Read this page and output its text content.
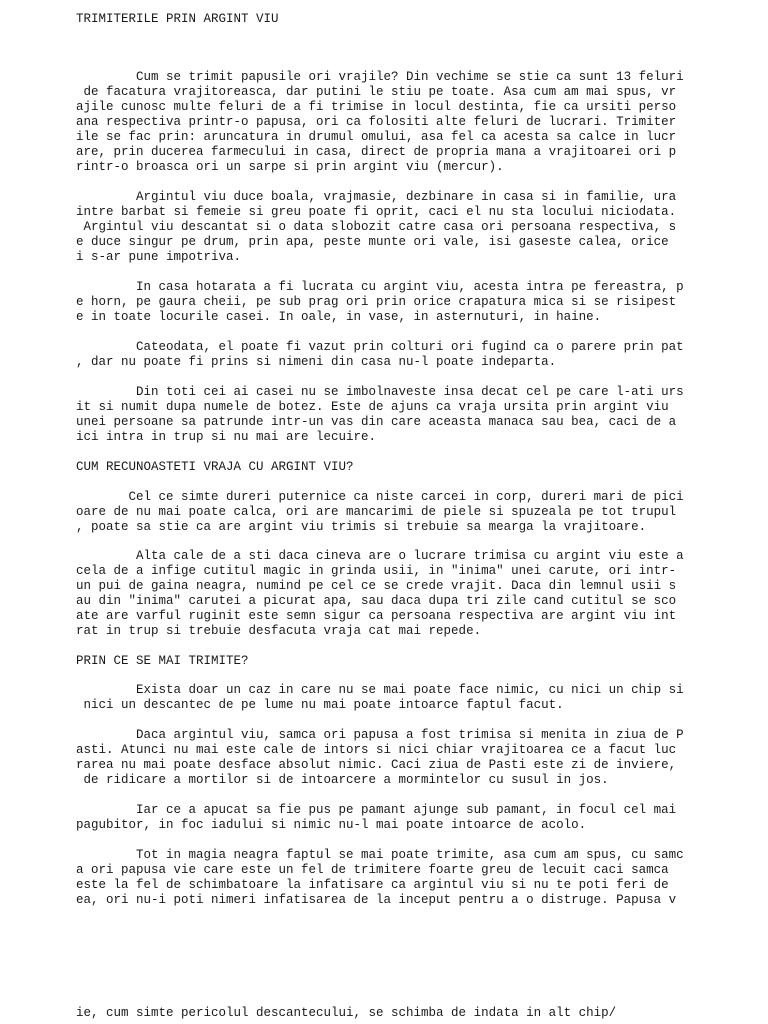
TRIMITERILE PRIN ARGINT VIU
Cum se trimit papusile ori vrajile? Din vechime se stie ca sunt 13 feluri
de facatura vrajitoreasca, dar putini le stiu pe toate. Asa cum am mai spus, vr
ajile cunosc multe feluri de a fi trimise in locul destinta, fie ca ursiti perso
ana respectiva printr-o papusa, ori ca folositi alte feluri de lucrari. Trimiter
ile se fac prin: aruncatura in drumul omului, asa fel ca acesta sa calce in lucr
are, prin ducerea farmecului in casa, direct de propria mana a vrajitoarei ori p
rintr-o broasca ori un sarpe si prin argint viu (mercur).
Argintul viu duce boala, vrajmasie, dezbinare in casa si in familie, ura
intre barbat si femeie si greu poate fi oprit, caci el nu sta locului niciodata.
Argintul viu descantat si o data slobozit catre casa ori persoana respectiva, s
e duce singur pe drum, prin apa, peste munte ori vale, isi gaseste calea, orice
i s-ar pune impotriva.
In casa hotarata a fi lucrata cu argint viu, acesta intra pe fereastra, p
e horn, pe gaura cheii, pe sub prag ori prin orice crapatura mica si se risipest
e in toate locurile casei. In oale, in vase, in asternuturi, in haine.
Cateodata, el poate fi vazut prin colturi ori fugind ca o parere prin pat
, dar nu poate fi prins si nimeni din casa nu-l poate indeparta.
Din toti cei ai casei nu se imbolnaveste insa decat cel pe care l-ati urs
it si numit dupa numele de botez. Este de ajuns ca vraja ursita prin argint viu
unei persoane sa patrunde intr-un vas din care aceasta manaca sau bea, caci de a
ici intra in trup si nu mai are lecuire.
CUM RECUNOASTETI VRAJA CU ARGINT VIU?
Cel ce simte dureri puternice ca niste carcei in corp, dureri mari de pici
oare de nu mai poate calca, ori are mancarimi de piele si spuzeala pe tot trupul
, poate sa stie ca are argint viu trimis si trebuie sa mearga la vrajitoare.
Alta cale de a sti daca cineva are o lucrare trimisa cu argint viu este a
cela de a infige cutitul magic in grinda usii, in "inima" unei carute, ori intr-
un pui de gaina neagra, numind pe cel ce se crede vrajit. Daca din lemnul usii s
au din "inima" carutei a picurat apa, sau daca dupa tri zile cand cutitul se sco
ate are varful ruginit este semn sigur ca persoana respectiva are argint viu int
rat in trup si trebuie desfacuta vraja cat mai repede.
PRIN CE SE MAI TRIMITE?
Exista doar un caz in care nu se mai poate face nimic, cu nici un chip si
nici un descantec de pe lume nu mai poate intoarce faptul facut.
Daca argintul viu, samca ori papusa a fost trimisa si menita in ziua de P
asti. Atunci nu mai este cale de intors si nici chiar vrajitoarea ce a facut luc
rarea nu mai poate desface absolut nimic. Caci ziua de Pasti este zi de inviere,
de ridicare a mortilor si de intoarcere a mormintelor cu susul in jos.
Iar ce a apucat sa fie pus pe pamant ajunge sub pamant, in focul cel mai
pagubitor, in foc iadului si nimic nu-l mai poate intoarce de acolo.
Tot in magia neagra faptul se mai poate trimite, asa cum am spus, cu samc
a ori papusa vie care este un fel de trimitere foarte greu de lecuit caci samca
este la fel de schimbatoare la infatisare ca argintul viu si nu te poti feri de
ea, ori nu-i poti nimeri infatisarea de la inceput pentru a o distruge. Papusa v
ie, cum simte pericolul descantecului, se schimba de indata in alt chip/
